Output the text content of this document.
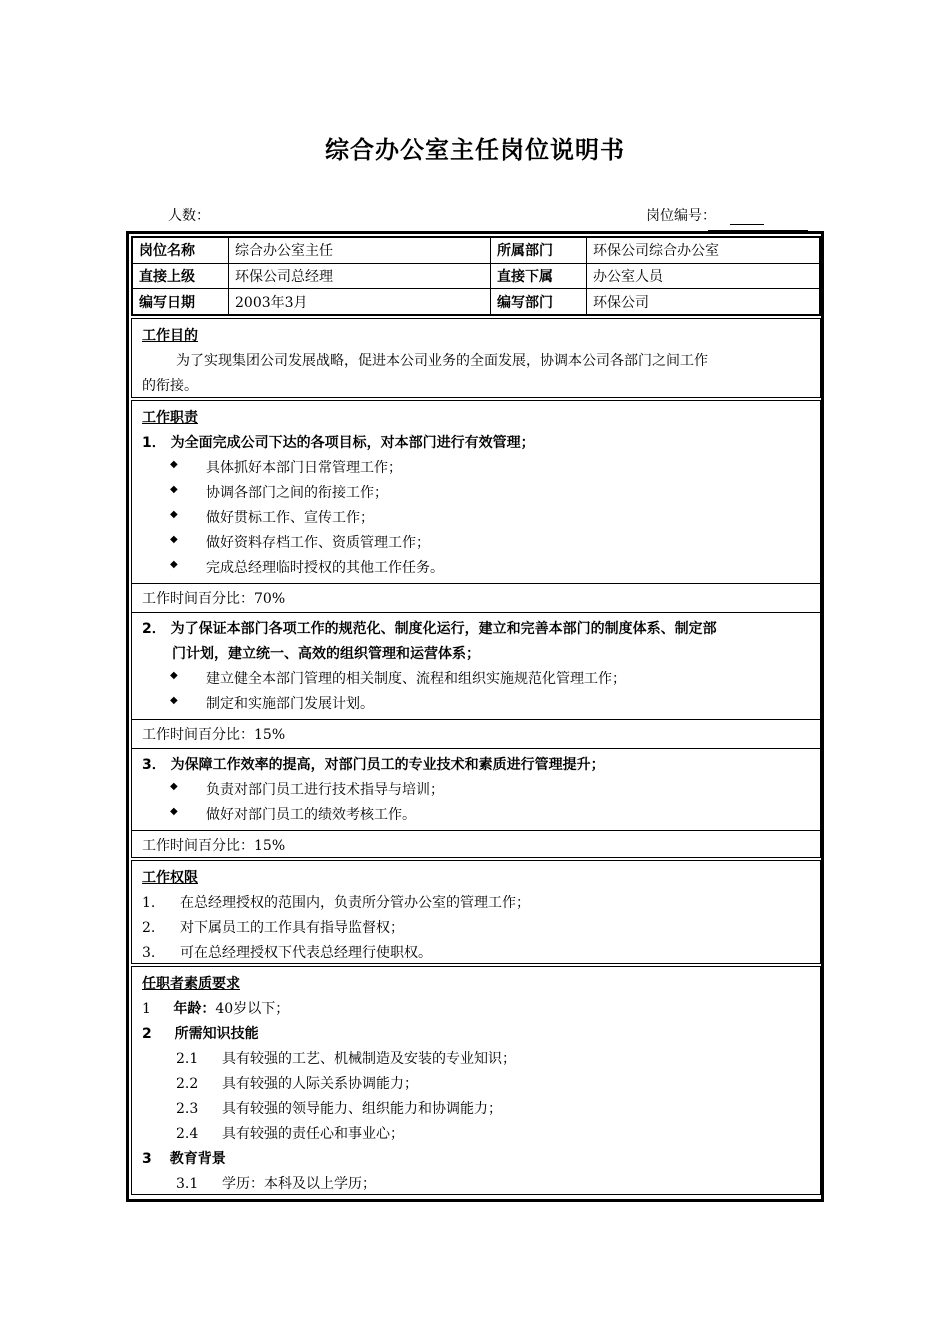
综合办公室主任岗位说明书
人数：	岗位编号：
岗位名称	综合办公室主任	所属部门	环保公司综合办公室
直接上级	环保公司总经理	直接下属	办公室人员
编写日期	2003年3月	编写部门	环保公司
工作目的
为了实现集团公司发展战略，促进本公司业务的全面发展，协调本公司各部门之间工作
的衔接。
工作职责
1． 为全面完成公司下达的各项目标，对本部门进行有效管理；
◆ 具体抓好本部门日常管理工作；
◆ 协调各部门之间的衔接工作；
◆ 做好贯标工作、宣传工作；
◆ 做好资料存档工作、资质管理工作；
◆ 完成总经理临时授权的其他工作任务。
工作时间百分比：70%
2． 为了保证本部门各项工作的规范化、制度化运行，建立和完善本部门的制度体系、制定部
门计划，建立统一、高效的组织管理和运营体系；
◆ 建立健全本部门管理的相关制度、流程和组织实施规范化管理工作；
◆ 制定和实施部门发展计划。
工作时间百分比：15%
3． 为保障工作效率的提高，对部门员工的专业技术和素质进行管理提升；
◆ 负责对部门员工进行技术指导与培训；
◆ 做好对部门员工的绩效考核工作。
工作时间百分比：15%
工作权限
1. 在总经理授权的范围内，负责所分管办公室的管理工作；
2. 对下属员工的工作具有指导监督权；
3. 可在总经理授权下代表总经理行使职权。
任职者素质要求
1 年龄：40岁以下；
2 所需知识技能
2.1 具有较强的工艺、机械制造及安装的专业知识；
2.2 具有较强的人际关系协调能力；
2.3 具有较强的领导能力、组织能力和协调能力；
2.4 具有较强的责任心和事业心；
3 教育背景
3.1 学历：本科及以上学历；
